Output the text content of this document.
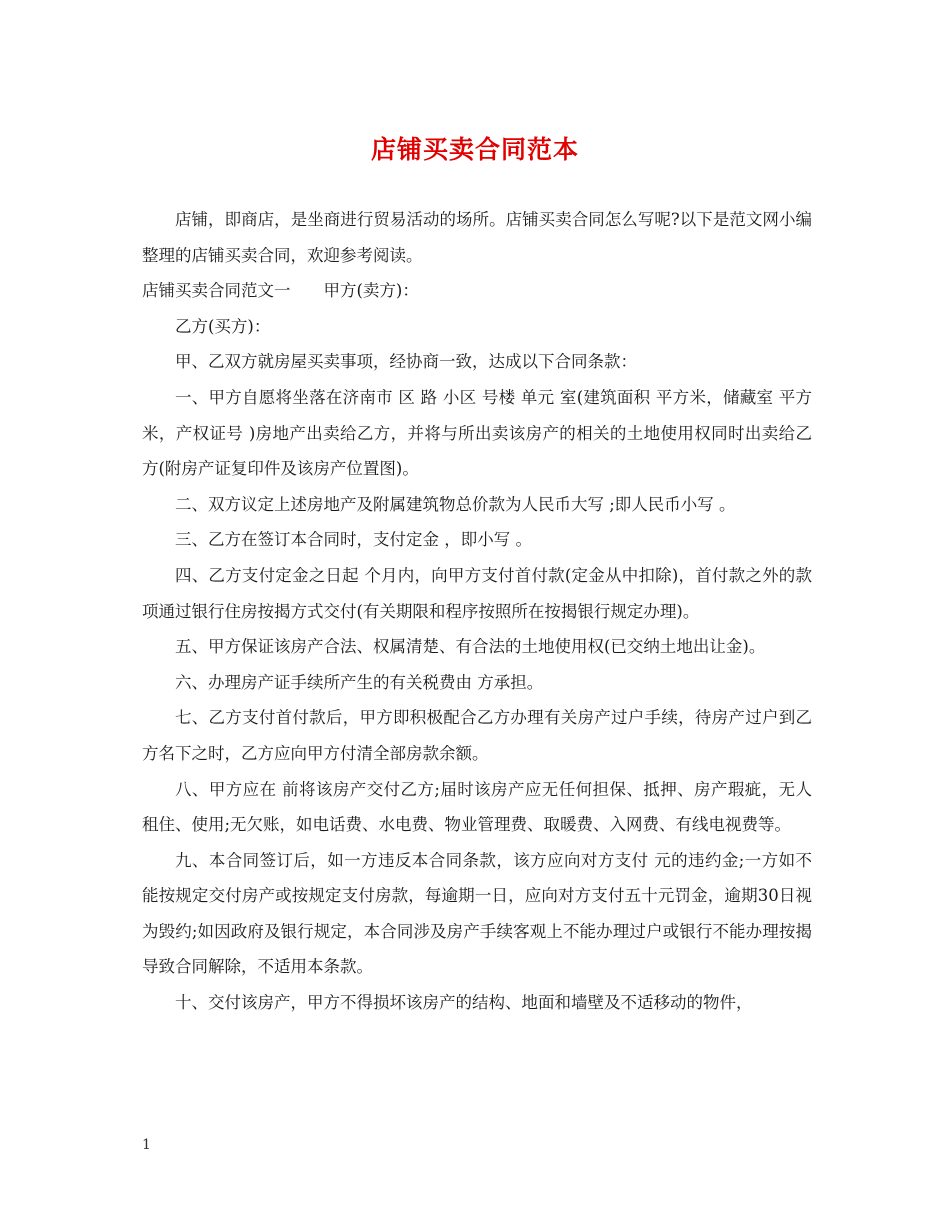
店铺买卖合同范本

店铺，即商店，是坐商进行贸易活动的场所。店铺买卖合同怎么写呢?以下是范文网小编整理的店铺买卖合同，欢迎参考阅读。

店铺买卖合同范文一　　甲方(卖方)：

乙方(买方)：

甲、乙双方就房屋买卖事项，经协商一致，达成以下合同条款：

一、甲方自愿将坐落在济南市 区 路 小区 号楼 单元 室(建筑面积 平方米，储藏室 平方米，产权证号 )房地产出卖给乙方，并将与所出卖该房产的相关的土地使用权同时出卖给乙方(附房产证复印件及该房产位置图)。

二、双方议定上述房地产及附属建筑物总价款为人民币大写 ;即人民币小写 。

三、乙方在签订本合同时，支付定金 ，即小写 。

四、乙方支付定金之日起 个月内，向甲方支付首付款(定金从中扣除)，首付款之外的款项通过银行住房按揭方式交付(有关期限和程序按照所在按揭银行规定办理)。

五、甲方保证该房产合法、权属清楚、有合法的土地使用权(已交纳土地出让金)。

六、办理房产证手续所产生的有关税费由 方承担。

七、乙方支付首付款后，甲方即积极配合乙方办理有关房产过户手续，待房产过户到乙方名下之时，乙方应向甲方付清全部房款余额。

八、甲方应在 前将该房产交付乙方;届时该房产应无任何担保、抵押、房产瑕疵，无人租住、使用;无欠账，如电话费、水电费、物业管理费、取暖费、入网费、有线电视费等。

九、本合同签订后，如一方违反本合同条款，该方应向对方支付 元的违约金;一方如不能按规定交付房产或按规定支付房款，每逾期一日，应向对方支付五十元罚金，逾期30日视为毁约;如因政府及银行规定，本合同涉及房产手续客观上不能办理过户或银行不能办理按揭导致合同解除，不适用本条款。

十、交付该房产，甲方不得损坏该房产的结构、地面和墙壁及不适移动的物件，

1
